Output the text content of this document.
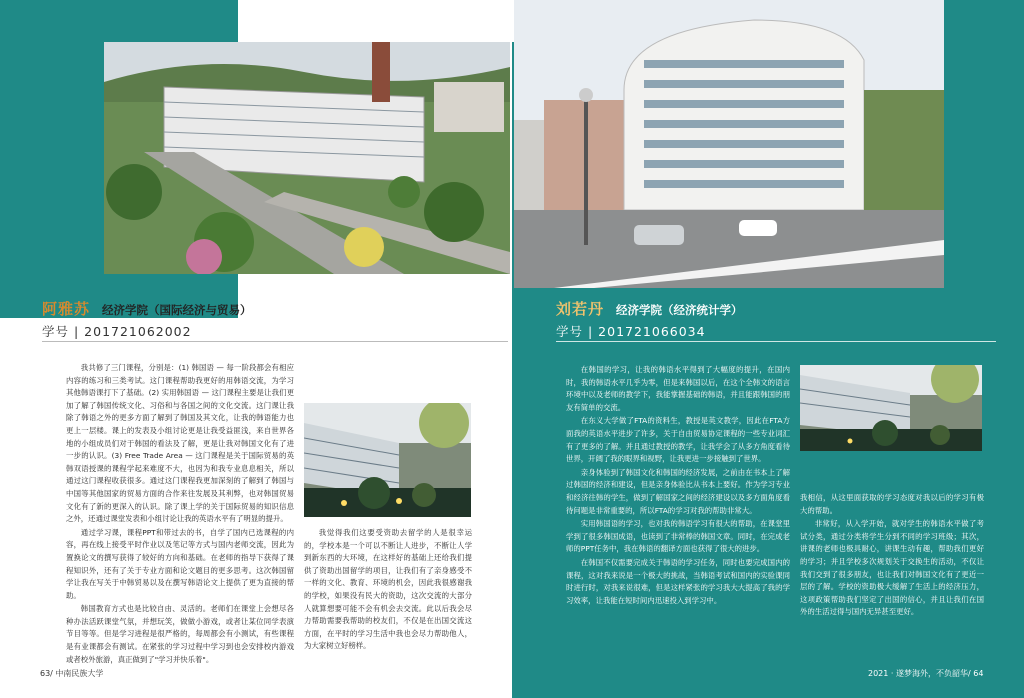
阿雅苏 经济学院（国际经济与贸易）
学号 | 201721062002

我共修了三门课程，分别是：(1) 韩国语 — 每一阶段都会有相应内容的练习和三类考试。这门课程帮助我更好的用韩语交流，为学习其他韩语课打下了基础。(2) 实用韩国语 — 这门课程主要是让我们更加了解了韩国传统文化、习俗和与各国之间的文化交流。这门课让我除了韩语之外的更多方面了解到了韩国及其文化，让我的韩语能力也更上一层楼。课上的发表及小组讨论更是让我受益匪浅，来自世界各地的小组成员们对于韩国的看法及了解，更是让我对韩国文化有了进一步的认识。(3) Free Trade Area — 这门课程是关于国际贸易的英韩双语授课的课程学起来难度不大，也因为和我专业息息相关，所以通过这门课程收获很多。通过这门课程我更加深刻的了解到了韩国与中国等其他国家的贸易方面的合作来往发展及其利弊，也对韩国贸易文化有了新的更深入的认识。除了课上学的关于国际贸易的知识信息之外，还通过课堂发表和小组讨论让我的英语水平有了明显的提升。

通过学习课，课程PPT和带过去的书，自学了国内已选课程的内容，再在线上接受平时作业以及笔记等方式与国内老师交流，因此为置换论文的撰写获得了较好的方向和基础。在老师的指导下获得了课程知识外，还有了关于专业方面和论文题目的更多思考。这次韩国留学让我在写关于中韩贸易以及在撰写韩语论文上提供了更为直接的帮助。

韩国教育方式也是比较自由、灵活的。老师们在课堂上会想尽各种办法活跃课堂气氛，并想玩笑，做做小游戏，或者让某位同学表演节目等等。但是学习进程是很严格的，每周都会有小测试，有些课程是有业课都会有测试。在紧张的学习过程中学习到也会安排校内游戏或者校外旅游，真正做到了"学习并快乐着"。

我觉得我们这要受资助去留学的人是很幸运的，学校本是一个可以不断让人进步，不断让人学到新东西的大环境，在这样好的基础上还给我们提供了资助出国留学的项目，让我们有了亲身感受不一样的文化、教育、环境的机会，因此我很感谢我的学校，如果没有民大的资助，这次交流的大部分人就算想要可能不会有机会去交流。此以后我会尽力帮助需要我帮助的校友们，不仅是在出国交流这方面，在平时的学习生活中我也会尽力帮助他人，为大家树立好榜样。

63/ 中南民族大学
刘若丹 经济学院（经济统计学）
学号 | 201721066034

在韩国的学习，让我的韩语水平得到了大幅度的提升，在国内时，我的韩语水平几乎为零，但是来韩国以后，在这个全韩文的语言环境中以及老师的教学下，我能掌握基础的韩语，并且能跟韩国的朋友有简单的交流。

在东义大学做了FTA的资料生，教授是英文教学，因此在FTA方面我的英语水平进步了许多，关于自由贸易协定课程的一些专业词汇有了更多的了解。并且通过教授的教学，让我学会了从多方角度看待世界，开阔了我的眼界和视野，让我更进一步接触到了世界。

亲身体验到了韩国文化和韩国的经济发展，之前由在书本上了解过韩国的经济和建设，但是亲身体验比从书本上要好。作为学习专业和经济往韩的学生，做到了解国家之间的经济建设以及多方面角度看待问题是非常重要的，所以FTA的学习对我的帮助非常大。

实用韩国语的学习，也对我的韩语学习有很大的帮助，在课堂里学到了很多韩国成语，也读到了非常棒的韩国文章。同时，在完成老师的PPT任务中，我在韩语的翻译方面也获得了很大的进步。

在韩国不仅需要完成关于韩语的学习任务，同时也要完成国内的课程，这对我来说是一个极大的挑战，当韩语考试和国内的实验课同时进行时，对我来说很难，但是这样紧张的学习我大大提高了我的学习效率，让我能在短时间内迅速投入到学习中。

我相信，从这里面获取的学习态度对我以后的学习有极大的帮助。

非常好，从入学开始，就对学生的韩语水平做了考试分类，通过分类将学生分到不同的学习班级；其次，讲课的老师也极具耐心，讲课生动有趣，帮助我们更好的学习；并且学校多次规划关于交换生的活动，不仅让我们交到了很多朋友，也让我们对韩国文化有了更近一层的了解。学校的资助极大缓解了生活上的经济压力，这项政策帮助我们坚定了出国的信心，并且让我们在国外的生活过得与国内无异甚至更好。

2021 · 遂梦海外，不负韶华/ 64
